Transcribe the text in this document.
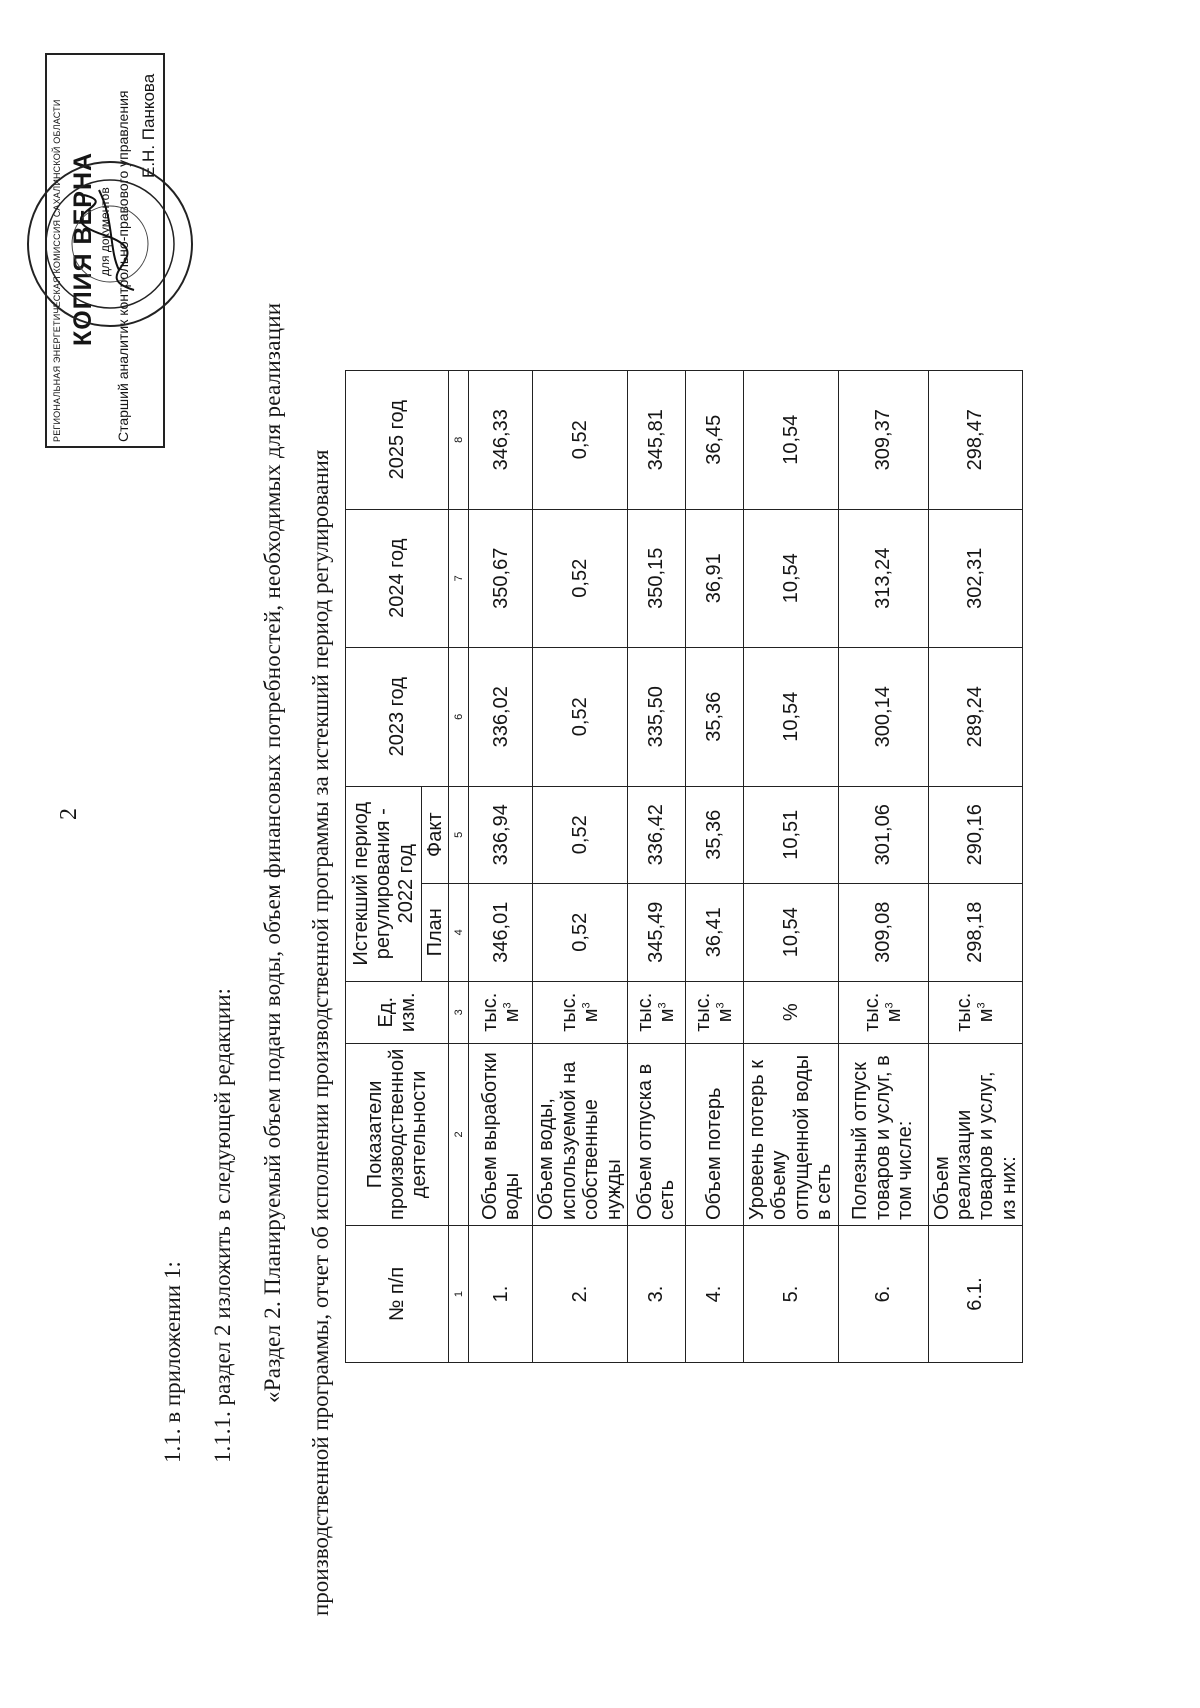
2
1.1. в приложении 1: 1.1.1. раздел 2 изложить в следующей редакции: «Раздел 2. Планируемый объем подачи воды, объем финансовых потребностей, необходимых для реализации производственной программы, отчет об исполнении производственной программы за истекший период регулирования	№ п/п	Показатели производственной деятельности	Ед. изм.	Истекший период регулирования - 2022 год		2023 год	2024 год	2025 год
			План	Факт			
1	2	3	4	5	6	7	8
1.	Объем выработки воды	тыс. $м^3$	346,01	336,94	336,02	350,67	346,33
2.	Объем воды, используемой на собственные нужды	тыс. $м^3$	0,52	0,52	0,52	0,52	0,52
3.	Объем отпуска в сеть	тыс. $м^3$	345,49	336,42	335,50	350,15	345,81
4.	Объем потерь	тыс. $м^3$	36,41	35,36	35,36	36,91	36,45
5.	Уровень потерь к объему отпущенной воды в сеть	%	10,54	10,51	10,54	10,54	10,54
6.	Полезный отпуск товаров и услуг, в том числе:	тыс. $м^3$	309,08	301,06	300,14	313,24	309,37
6.1.	Объем реализации товаров и услуг, из них:	тыс. $м^3$	298,18	290,16	289,24	302,31	298,47
РЕГИОНАЛЬНАЯ ЭНЕРГЕТИЧЕСКАЯ КОМИССИЯ САХАЛИНСКОЙ ОБЛАСТИ КОПИЯ ВЕРНА для документов Старший аналитик контрольно-правового управления Е.Н. Панкова
